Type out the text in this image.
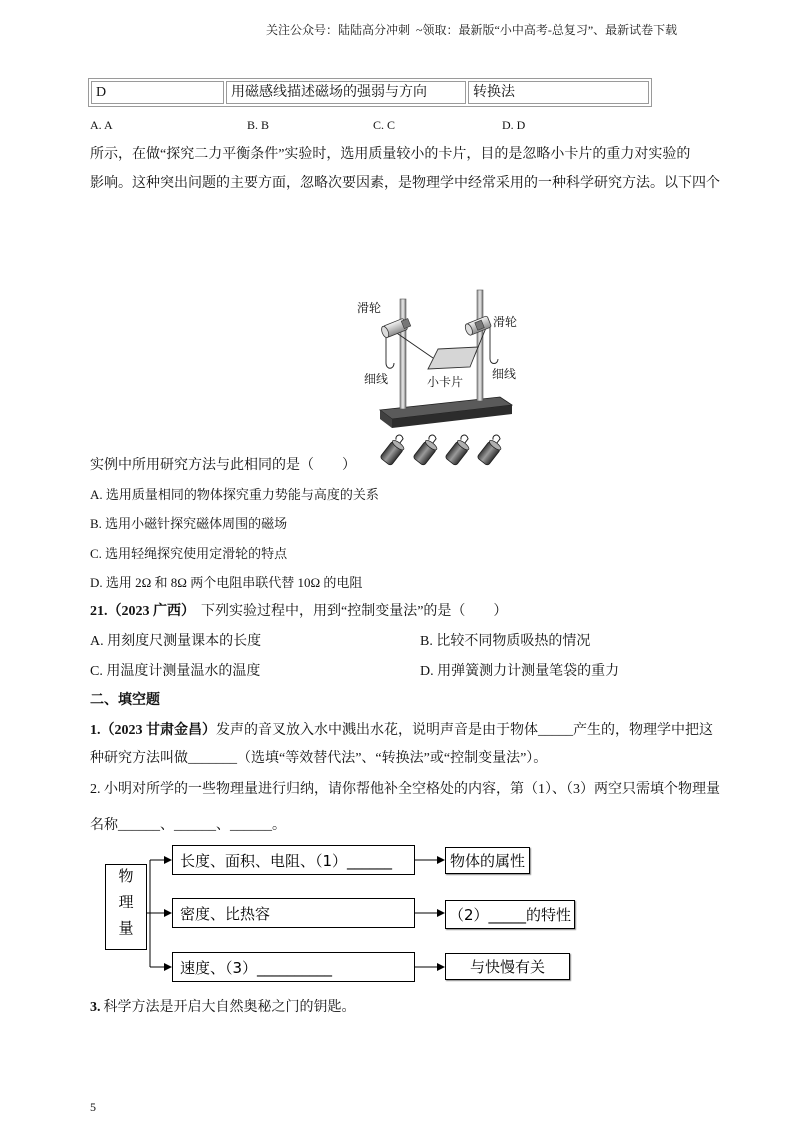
关注公众号：陆陆高分冲刺  ~领取：最新版“小中高考-总复习”、最新试卷下载
D	用磁感线描述磁场的强弱与方向	转换法
A. A	B. B	C. C	D. D
所示，在做“探究二力平衡条件”实验时，选用质量较小的卡片，目的是忽略小卡片的重力对实验的
影响。这种突出问题的主要方面，忽略次要因素，是物理学中经常采用的一种科学研究方法。以下四个
滑轮
滑轮
细线	细线
小卡片
实例中所用研究方法与此相同的是（　　）
A. 选用质量相同的物体探究重力势能与高度的关系
B. 选用小磁针探究磁体周围的磁场
C. 选用轻绳探究使用定滑轮的特点
D. 选用 2Ω 和 8Ω 两个电阻串联代替 10Ω 的电阻
21.（2023 广西） 下列实验过程中，用到“控制变量法”的是（　　）
A. 用刻度尺测量课本的长度	B. 比较不同物质吸热的情况
C. 用温度计测量温水的温度	D. 用弹簧测力计测量笔袋的重力
二、填空题
1.（2023 甘肃金昌）发声的音叉放入水中溅出水花，说明声音是由于物体_____产生的，物理学中把这
种研究方法叫做_______（选填“等效替代法”、“转换法”或“控制变量法”）。
2. 小明对所学的一些物理量进行归纳，请你帮他补全空格处的内容，第（1）、（3）两空只需填个物理量
名称______、______、______。
物理量
长度、面积、电阻、（1）______	物体的属性
密度、比热容	（2）_____的特性
速度、（3）__________	与快慢有关
3. 科学方法是开启大自然奥秘之门的钥匙。
5
